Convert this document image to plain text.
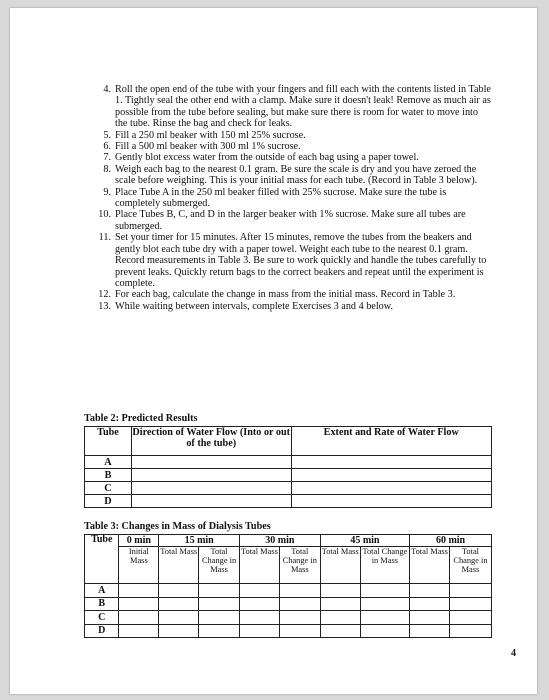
4. Roll the open end of the tube with your fingers and fill each with the contents listed in Table 1. Tightly seal the other end with a clamp. Make sure it doesn't leak! Remove as much air as possible from the tube before sealing, but make sure there is room for water to move into the tube. Rinse the bag and check for leaks.
5. Fill a 250 ml beaker with 150 ml 25% sucrose.
6. Fill a 500 ml beaker with 300 ml 1% sucrose.
7. Gently blot excess water from the outside of each bag using a paper towel.
8. Weigh each bag to the nearest 0.1 gram. Be sure the scale is dry and you have zeroed the scale before weighing. This is your initial mass for each tube. (Record in Table 3 below).
9. Place Tube A in the 250 ml beaker filled with 25% sucrose. Make sure the tube is completely submerged.
10. Place Tubes B, C, and D in the larger beaker with 1% sucrose. Make sure all tubes are submerged.
11. Set your timer for 15 minutes. After 15 minutes, remove the tubes from the beakers and gently blot each tube dry with a paper towel. Weight each tube to the nearest 0.1 gram. Record measurements in Table 3. Be sure to work quickly and handle the tubes carefully to prevent leaks. Quickly return bags to the correct beakers and repeat until the experiment is complete.
12. For each bag, calculate the change in mass from the initial mass. Record in Table 3.
13. While waiting between intervals, complete Exercises 3 and 4 below.
Table 2: Predicted Results
Tube	Direction of Water Flow (Into or out of the tube)	Extent and Rate of Water Flow
A		
B		
C		
D		
Table 3: Changes in Mass of Dialysis Tubes
Tube	0 min	15 min		30 min		45 min		60 min	
	Initial Mass	Total Mass	Total Change in Mass	Total Mass	Total Change in Mass	Total Mass	Total Change in Mass	Total Mass	Total Change in Mass
A									
B									
C									
D									
4
